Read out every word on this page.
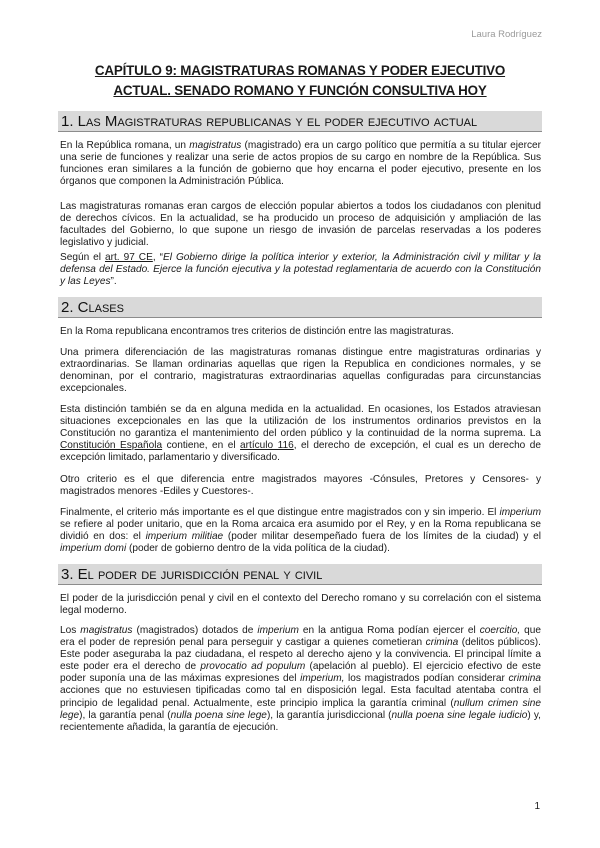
Laura Rodríguez
CAPÍTULO 9: MAGISTRATURAS ROMANAS Y PODER EJECUTIVO
ACTUAL. SENADO ROMANO Y FUNCIÓN CONSULTIVA HOY
1. Las Magistraturas republicanas y el poder ejecutivo actual

En la República romana, un magistratus (magistrado) era un cargo político que permitía a su titular ejercer una serie de funciones y realizar una serie de actos propios de su cargo en nombre de la República. Sus funciones eran similares a la función de gobierno que hoy encarna el poder ejecutivo, presente en los órganos que componen la Administración Pública.

Las magistraturas romanas eran cargos de elección popular abiertos a todos los ciudadanos con plenitud de derechos cívicos. En la actualidad, se ha producido un proceso de adquisición y ampliación de las facultades del Gobierno, lo que supone un riesgo de invasión de parcelas reservadas a los poderes legislativo y judicial.

Según el art. 97 CE, “El Gobierno dirige la política interior y exterior, la Administración civil y militar y la defensa del Estado. Ejerce la función ejecutiva y la potestad reglamentaria de acuerdo con la Constitución y las Leyes”.

2. Clases

En la Roma republicana encontramos tres criterios de distinción entre las magistraturas.

Una primera diferenciación de las magistraturas romanas distingue entre magistraturas ordinarias y extraordinarias. Se llaman ordinarias aquellas que rigen la Republica en condiciones normales, y se denominan, por el contrario, magistraturas extraordinarias aquellas configuradas para circunstancias excepcionales.

Esta distinción también se da en alguna medida en la actualidad. En ocasiones, los Estados atraviesan situaciones excepcionales en las que la utilización de los instrumentos ordinarios previstos en la Constitución no garantiza el mantenimiento del orden público y la continuidad de la norma suprema. La Constitución Española contiene, en el artículo 116, el derecho de excepción, el cual es un derecho de excepción limitado, parlamentario y diversificado.

Otro criterio es el que diferencia entre magistrados mayores -Cónsules, Pretores y Censores- y magistrados menores -Ediles y Cuestores-.

Finalmente, el criterio más importante es el que distingue entre magistrados con y sin imperio. El imperium se refiere al poder unitario, que en la Roma arcaica era asumido por el Rey, y en la Roma republicana se dividió en dos: el imperium militiae (poder militar desempeñado fuera de los límites de la ciudad) y el imperium domi (poder de gobierno dentro de la vida política de la ciudad).

3. El poder de jurisdicción penal y civil

El poder de la jurisdicción penal y civil en el contexto del Derecho romano y su correlación con el sistema legal moderno.

Los magistratus (magistrados) dotados de imperium en la antigua Roma podían ejercer el coercitio, que era el poder de represión penal para perseguir y castigar a quienes cometieran crimina (delitos públicos). Este poder aseguraba la paz ciudadana, el respeto al derecho ajeno y la convivencia. El principal límite a este poder era el derecho de provocatio ad populum (apelación al pueblo). El ejercicio efectivo de este poder suponía una de las máximas expresiones del imperium, los magistrados podían considerar crimina acciones que no estuviesen tipificadas como tal en disposición legal. Esta facultad atentaba contra el principio de legalidad penal. Actualmente, este principio implica la garantía criminal (nullum crimen sine lege), la garantía penal (nulla poena sine lege), la garantía jurisdiccional (nulla poena sine legale iudicio) y, recientemente añadida, la garantía de ejecución.

1
